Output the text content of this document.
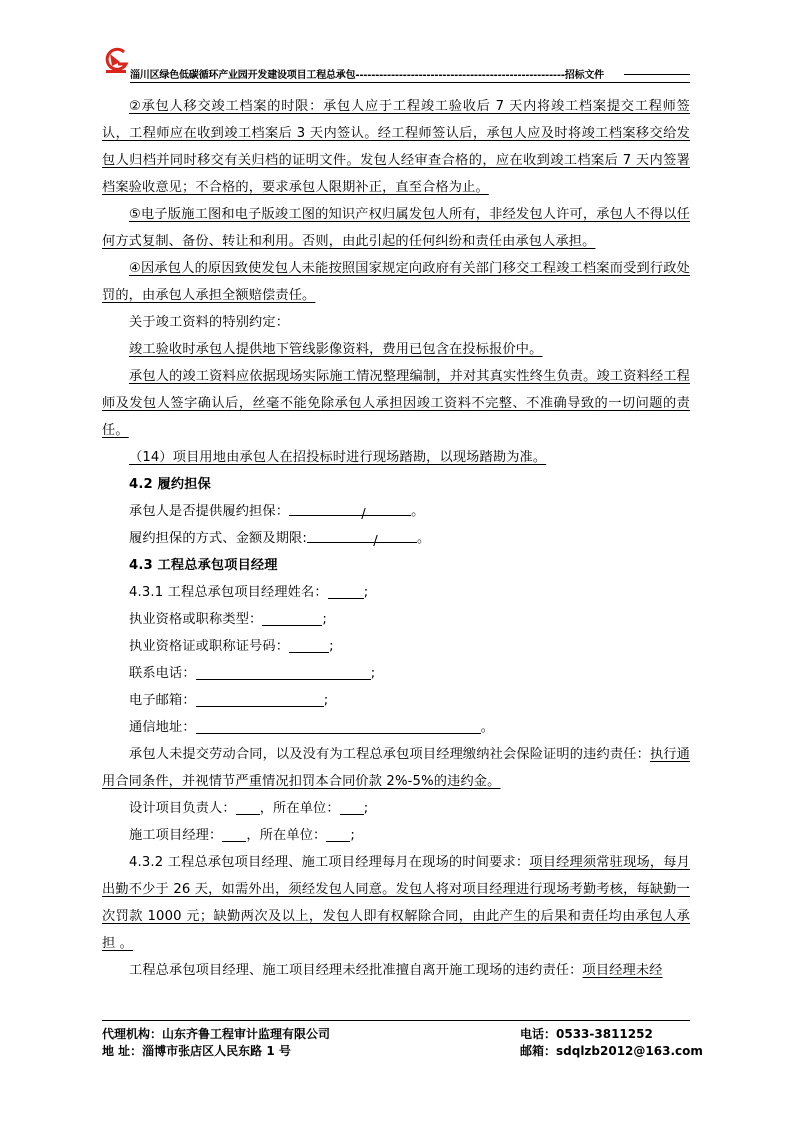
淄川区绿色低碳循环产业园开发建设项目工程总承包-----------------------------------------------------招标文件

②承包人移交竣工档案的时限：承包人应于工程竣工验收后 7 天内将竣工档案提交工程师签认，工程师应在收到竣工档案后 3 天内签认。经工程师签认后，承包人应及时将竣工档案移交给发包人归档并同时移交有关归档的证明文件。发包人经审查合格的，应在收到竣工档案后 7 天内签署档案验收意见；不合格的，要求承包人限期补正，直至合格为止。

⑤电子版施工图和电子版竣工图的知识产权归属发包人所有，非经发包人许可，承包人不得以任何方式复制、备份、转让和利用。否则，由此引起的任何纠纷和责任由承包人承担。

④因承包人的原因致使发包人未能按照国家规定向政府有关部门移交工程竣工档案而受到行政处罚的，由承包人承担全额赔偿责任。

关于竣工资料的特别约定：

竣工验收时承包人提供地下管线影像资料，费用已包含在投标报价中。

承包人的竣工资料应依据现场实际施工情况整理编制，并对其真实性终生负责。竣工资料经工程师及发包人签字确认后，丝毫不能免除承包人承担因竣工资料不完整、不准确导致的一切问题的责任。

（14）项目用地由承包人在招投标时进行现场踏勘，以现场踏勘为准。

4.2 履约担保

承包人是否提供履约担保：	/	。

履约担保的方式、金额及期限:	/	。

4.3 工程总承包项目经理

4.3.1 工程总承包项目经理姓名：	;

执业资格或职称类型：	;

执业资格证或职称证号码：	;

联系电话：	;

电子邮箱：	;

通信地址：	。

承包人未提交劳动合同，以及没有为工程总承包项目经理缴纳社会保险证明的违约责任：执行通用合同条件，并视情节严重情况扣罚本合同价款 2%-5%的违约金。

设计项目负责人： ，所在单位： ;

施工项目经理： ，所在单位： ;

4.3.2 工程总承包项目经理、施工项目经理每月在现场的时间要求：项目经理须常驻现场，每月出勤不少于 26 天，如需外出，须经发包人同意。发包人将对项目经理进行现场考勤考核，每缺勤一次罚款 1000 元；缺勤两次及以上，发包人即有权解除合同，由此产生的后果和责任均由承包人承担 。

工程总承包项目经理、施工项目经理未经批准擅自离开施工现场的违约责任：项目经理未经

代理机构：山东齐鲁工程审计监理有限公司	电话：0533-3811252
地 址：淄博市张店区人民东路 1 号	邮箱：sdqlzb2012@163.com
